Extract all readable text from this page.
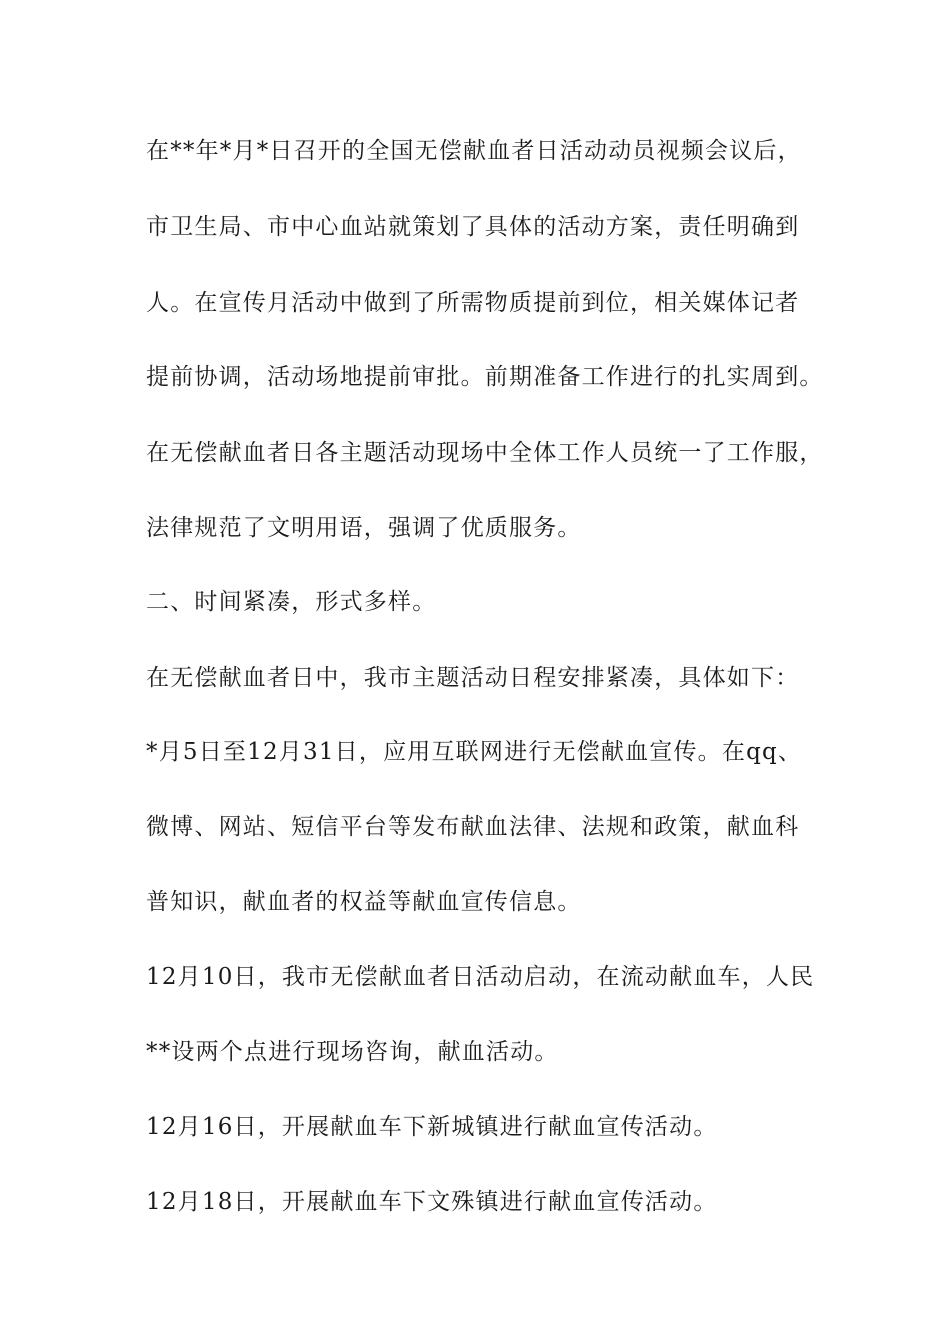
在**年*月*日召开的全国无偿献血者日活动动员视频会议后，
市卫生局、市中心血站就策划了具体的活动方案，责任明确到
人。在宣传月活动中做到了所需物质提前到位，相关媒体记者
提前协调，活动场地提前审批。前期准备工作进行的扎实周到。
在无偿献血者日各主题活动现场中全体工作人员统一了工作服，
法律规范了文明用语，强调了优质服务。
二、时间紧凑，形式多样。
在无偿献血者日中，我市主题活动日程安排紧凑，具体如下：
*月5日至12月31日，应用互联网进行无偿献血宣传。在qq、
微博、网站、短信平台等发布献血法律、法规和政策，献血科
普知识，献血者的权益等献血宣传信息。
12月10日，我市无偿献血者日活动启动，在流动献血车，人民
**设两个点进行现场咨询，献血活动。
12月16日，开展献血车下新城镇进行献血宣传活动。
12月18日，开展献血车下文殊镇进行献血宣传活动。
